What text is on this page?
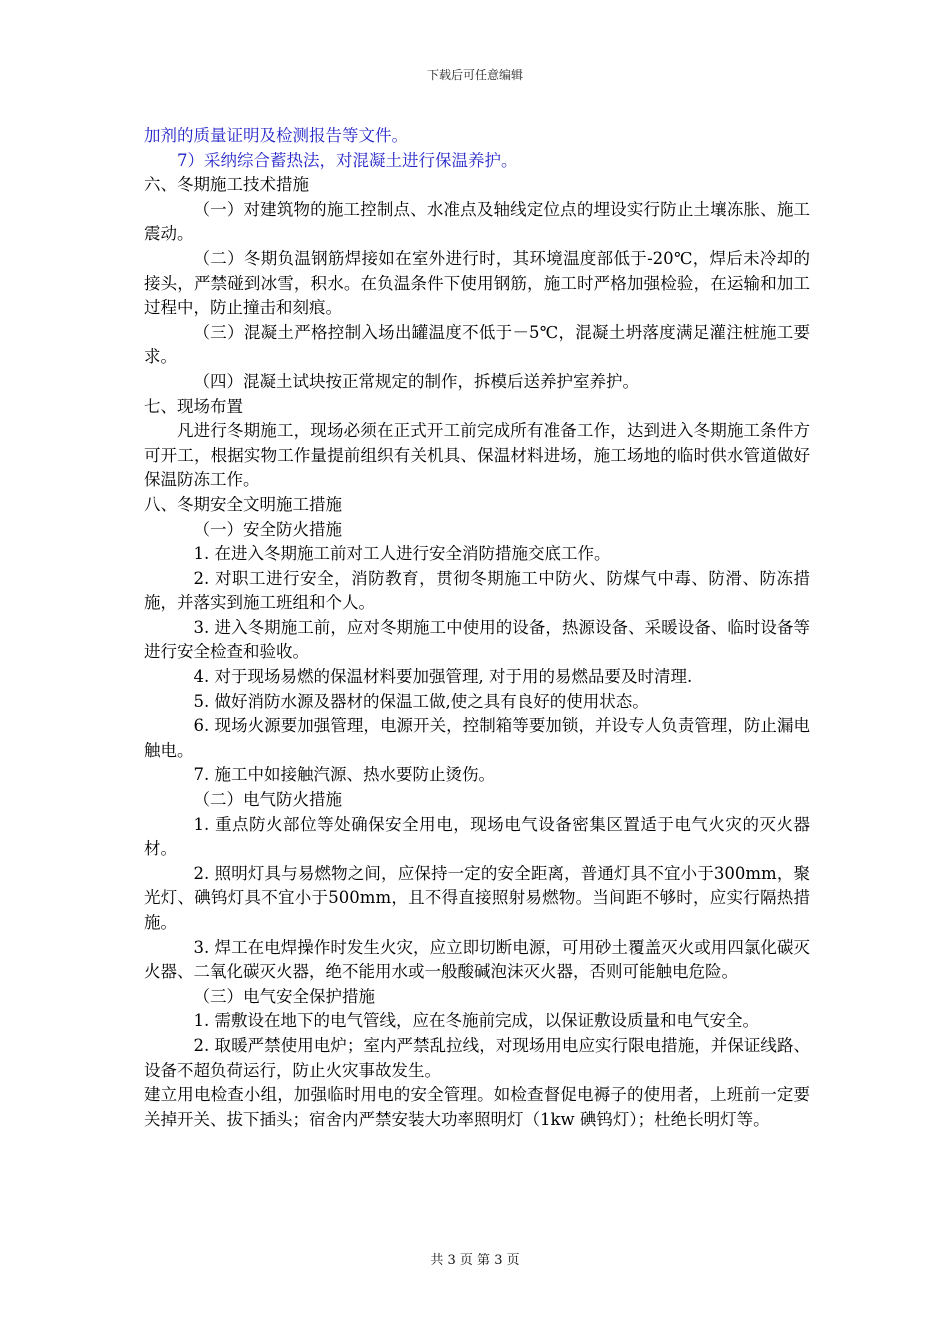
下载后可任意编辑

加剂的质量证明及检测报告等文件。

7）采纳综合蓄热法，对混凝土进行保温养护。

六、冬期施工技术措施

（一）对建筑物的施工控制点、水准点及轴线定位点的埋设实行防止土壤冻胀、施工震动。

（二）冬期负温钢筋焊接如在室外进行时，其环境温度部低于-20℃，焊后未冷却的接头，严禁碰到冰雪，积水。在负温条件下使用钢筋，施工时严格加强检验，在运输和加工过程中，防止撞击和刻痕。

（三）混凝土严格控制入场出罐温度不低于－5℃，混凝土坍落度满足灌注桩施工要求。

（四）混凝土试块按正常规定的制作，拆模后送养护室养护。

七、现场布置

凡进行冬期施工，现场必须在正式开工前完成所有准备工作，达到进入冬期施工条件方可开工，根据实物工作量提前组织有关机具、保温材料进场，施工场地的临时供水管道做好保温防冻工作。

八、冬期安全文明施工措施

（一）安全防火措施

1. 在进入冬期施工前对工人进行安全消防措施交底工作。

2. 对职工进行安全，消防教育，贯彻冬期施工中防火、防煤气中毒、防滑、防冻措施，并落实到施工班组和个人。

3. 进入冬期施工前，应对冬期施工中使用的设备，热源设备、采暖设备、临时设备等进行安全检查和验收。

4. 对于现场易燃的保温材料要加强管理, 对于用的易燃品要及时清理.

5. 做好消防水源及器材的保温工做,使之具有良好的使用状态。

6. 现场火源要加强管理，电源开关，控制箱等要加锁，并设专人负责管理，防止漏电触电。

7. 施工中如接触汽源、热水要防止烫伤。

（二）电气防火措施

1. 重点防火部位等处确保安全用电，现场电气设备密集区置适于电气火灾的灭火器材。

2. 照明灯具与易燃物之间，应保持一定的安全距离，普通灯具不宜小于300mm，聚光灯、碘钨灯具不宜小于500mm，且不得直接照射易燃物。当间距不够时，应实行隔热措施。

3. 焊工在电焊操作时发生火灾，应立即切断电源，可用砂土覆盖灭火或用四氯化碳灭火器、二氧化碳灭火器，绝不能用水或一般酸碱泡沫灭火器，否则可能触电危险。

（三）电气安全保护措施

1. 需敷设在地下的电气管线，应在冬施前完成，以保证敷设质量和电气安全。

2. 取暖严禁使用电炉；室内严禁乱拉线，对现场用电应实行限电措施，并保证线路、设备不超负荷运行，防止火灾事故发生。

建立用电检查小组，加强临时用电的安全管理。如检查督促电褥子的使用者，上班前一定要关掉开关、拔下插头；宿舍内严禁安装大功率照明灯（1kw 碘钨灯）；杜绝长明灯等。

共 3 页 第 3 页
